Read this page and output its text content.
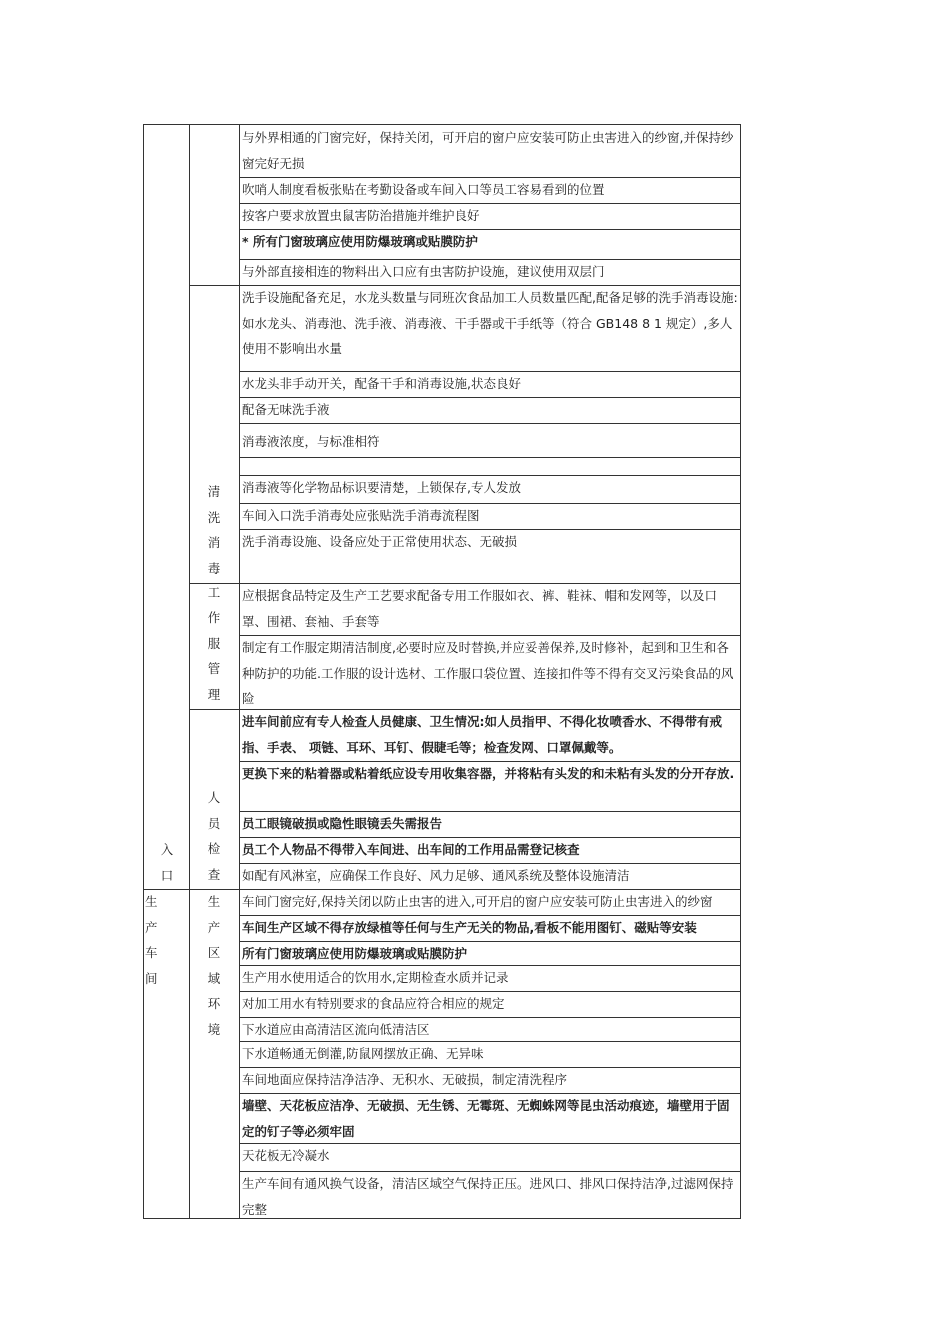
与外界相通的门窗完好，保持关闭，可开启的窗户应安装可防止虫害进入的纱窗,并保持纱窗完好无损
吹哨人制度看板张贴在考勤设备或车间入口等员工容易看到的位置
按客户要求放置虫鼠害防治措施并维护良好
* 所有门窗玻璃应使用防爆玻璃或贴膜防护
与外部直接相连的物料出入口应有虫害防护设施，建议使用双层门
洗手设施配备充足，水龙头数量与同班次食品加工人员数量匹配,配备足够的洗手消毒设施:如水龙头、消毒池、洗手液、消毒液、干手器或干手纸等（符合 GB148 8 1 规定）,多人使用不影响出水量
水龙头非手动开关，配备干手和消毒设施,状态良好
配备无味洗手液
消毒液浓度，与标准相符
消毒液等化学物品标识要清楚，上锁保存,专人发放
车间入口洗手消毒处应张贴洗手消毒流程图
洗手消毒设施、设备应处于正常使用状态、无破损
应根据食品特定及生产工艺要求配备专用工作服如衣、裤、鞋袜、帽和发网等，以及口罩、围裙、套袖、手套等
制定有工作服定期清洁制度,必要时应及时替换,并应妥善保养,及时修补，起到和卫生和各种防护的功能.工作服的设计选材、工作服口袋位置、连接扣件等不得有交叉污染食品的风险
进车间前应有专人检查人员健康、卫生情况:如人员指甲、不得化妆喷香水、不得带有戒指、手表、 项链、耳环、耳钉、假睫毛等；检查发网、口罩佩戴等。
更换下来的粘着器或粘着纸应设专用收集容器，并将粘有头发的和未粘有头发的分开存放.
员工眼镜破损或隐性眼镜丢失需报告
员工个人物品不得带入车间进、出车间的工作用品需登记核查
如配有风淋室，应确保工作良好、风力足够、通风系统及整体设施清洁
车间门窗完好,保持关闭以防止虫害的进入,可开启的窗户应安装可防止虫害进入的纱窗
车间生产区域不得存放绿植等任何与生产无关的物品,看板不能用图钉、磁贴等安装
所有门窗玻璃应使用防爆玻璃或贴膜防护
生产用水使用适合的饮用水,定期检查水质并记录
对加工用水有特别要求的食品应符合相应的规定
下水道应由高清洁区流向低清洁区
下水道畅通无倒灌,防鼠网摆放正确、无异味
车间地面应保持洁净洁净、无积水、无破损，制定清洗程序
墙壁、天花板应洁净、无破损、无生锈、无霉斑、无蜘蛛网等昆虫活动痕迹，墙壁用于固定的钉子等必须牢固
天花板无冷凝水
生产车间有通风换气设备，清洁区域空气保持正压。进风口、排风口保持洁净,过滤网保持完整
清
洗
消
毒
工
作
服
管
理
人
员
检
查
生
产
区
域
环
境
入
口
生
产
车
间
